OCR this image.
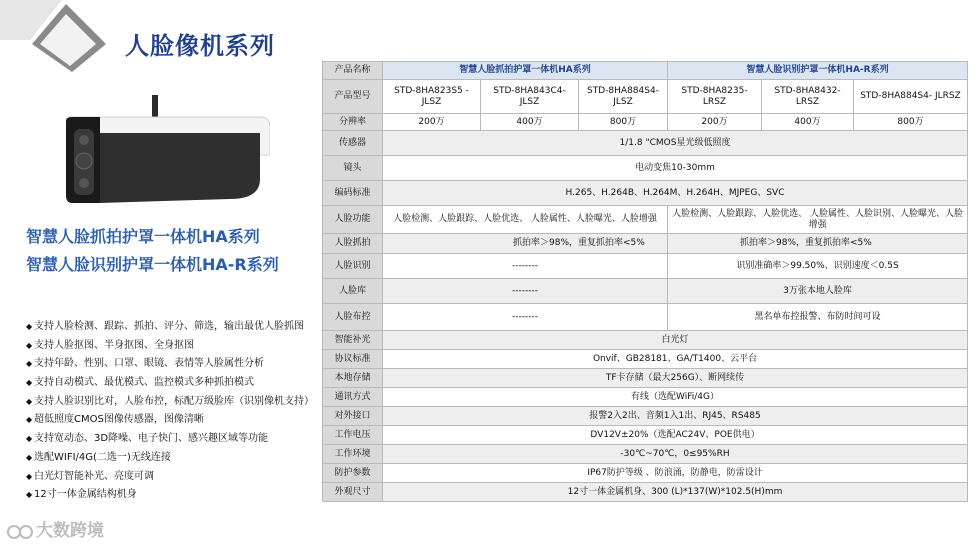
人脸像机系列
智慧人脸抓拍护罩一体机HA系列
智慧人脸识别护罩一体机HA-R系列
◆ 支持人脸检测、跟踪、抓拍、评分、筛选，输出最优人脸抓图
◆ 支持人脸抠图、半身抠图、全身抠图
◆ 支持年龄、性别、口罩、眼镜、表情等人脸属性分析
◆ 支持自动模式、最优模式、监控模式多种抓拍模式
◆ 支持人脸识别比对，人脸布控，标配万级脸库（识别像机支持）
◆ 超低照度CMOS图像传感器，图像清晰
◆ 支持宽动态、3D降噪、电子快门、感兴趣区域等功能
◆ 选配WIFI/4G(二选一)无线连接
◆ 白光灯智能补光、亮度可调
◆ 12寸一体金属结构机身
大数跨境
产品名称	智慧人脸抓拍护罩一体机HA系列			智慧人脸识别护罩一体机HA-R系列		
产品型号	STD-8HA823S5 -JLSZ	STD-8HA843C4- JLSZ	STD-8HA884S4- JLSZ	STD-8HA8235- LRSZ	STD-8HA8432- LRSZ	STD-8HA884S4- JLRSZ
分辨率	200万	400万	800万	200万	400万	800万
传感器	1/1.8 "CMOS星光级低照度					
镜头	电动变焦10-30mm					
编码标准	H.265、H.264B、H.264M、H.264H、MJPEG、SVC					
人脸功能	人脸检测、人脸跟踪、人脸优选、 人脸属性、人脸曝光、人脸增强			人脸检测、人脸跟踪、人脸优选、 人脸属性、人脸识别、人脸曝光、人脸增强		
人脸抓拍	抓拍率＞98%，重复抓拍率<5%			抓拍率＞98%，重复抓拍率<5%		
人脸识别	--------			识别准确率＞99.50%、识别速度＜0.5S		
人脸库	--------			3万张本地人脸库		
人脸布控	--------			黑名单布控报警、布防时间可设		
智能补光	白光灯					
协议标准	Onvif、GB28181、GA/T1400、云平台					
本地存储	TF卡存储（最大256G）、断网续传					
通讯方式	有线（选配WiFi/4G）					
对外接口	报警2入2出、音频1入1出、RJ45、RS485					
工作电压	DV12V±20%（选配AC24V、POE供电）					
工作环境	-30℃~70℃，0≤95%RH					
防护参数	IP67防护等级 、防浪涌，防静电，防雷设计					
外观尺寸	12寸一体金属机身、300 (L)*137(W)*102.5(H)mm					
